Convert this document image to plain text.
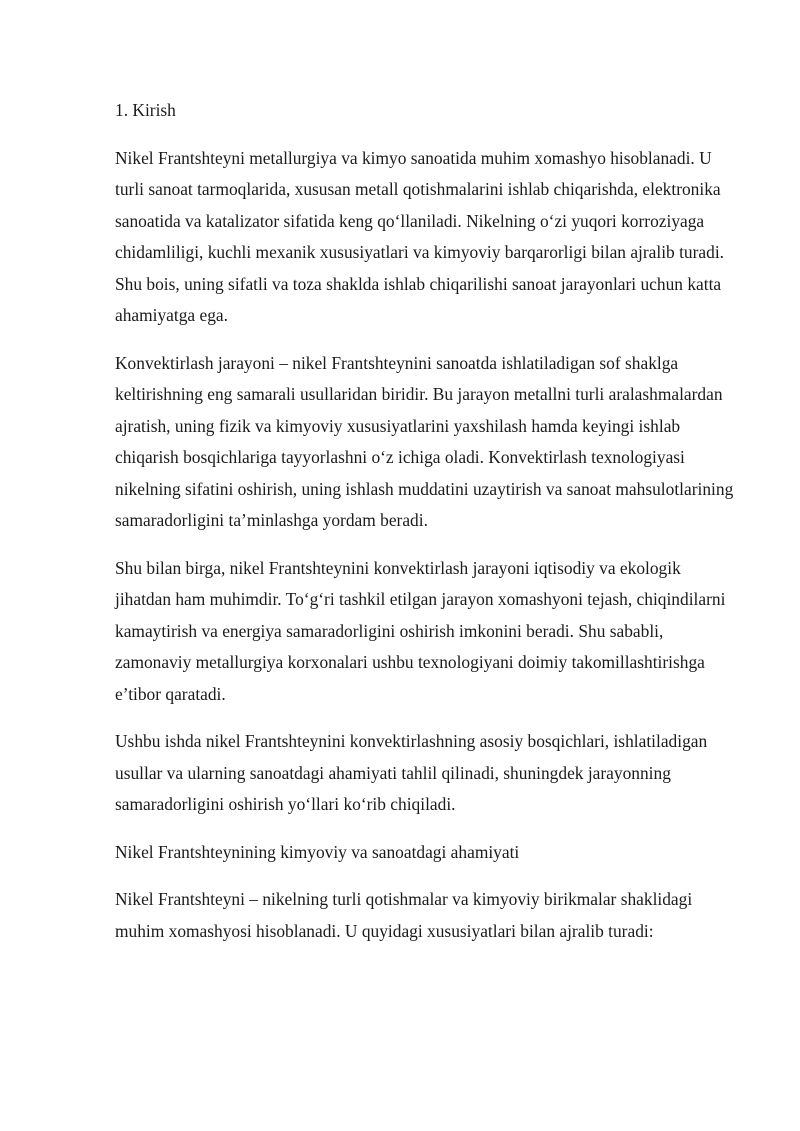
1. Kirish

Nikel Frantshteyni metallurgiya va kimyo sanoatida muhim xomashyo hisoblanadi. U turli sanoat tarmoqlarida, xususan metall qotishmalarini ishlab chiqarishda, elektronika sanoatida va katalizator sifatida keng qo‘llaniladi. Nikelning o‘zi yuqori korroziyaga chidamliligi, kuchli mexanik xususiyatlari va kimyoviy barqarorligi bilan ajralib turadi. Shu bois, uning sifatli va toza shaklda ishlab chiqarilishi sanoat jarayonlari uchun katta ahamiyatga ega.

Konvektirlash jarayoni – nikel Frantshteynini sanoatda ishlatiladigan sof shaklga keltirishning eng samarali usullaridan biridir. Bu jarayon metallni turli aralashmalardan ajratish, uning fizik va kimyoviy xususiyatlarini yaxshilash hamda keyingi ishlab chiqarish bosqichlariga tayyorlashni o‘z ichiga oladi. Konvektirlash texnologiyasi nikelning sifatini oshirish, uning ishlash muddatini uzaytirish va sanoat mahsulotlarining samaradorligini ta’minlashga yordam beradi.

Shu bilan birga, nikel Frantshteynini konvektirlash jarayoni iqtisodiy va ekologik jihatdan ham muhimdir. To‘g‘ri tashkil etilgan jarayon xomashyoni tejash, chiqindilarni kamaytirish va energiya samaradorligini oshirish imkonini beradi. Shu sababli, zamonaviy metallurgiya korxonalari ushbu texnologiyani doimiy takomillashtirishga e’tibor qaratadi.

Ushbu ishda nikel Frantshteynini konvektirlashning asosiy bosqichlari, ishlatiladigan usullar va ularning sanoatdagi ahamiyati tahlil qilinadi, shuningdek jarayonning samaradorligini oshirish yo‘llari ko‘rib chiqiladi.

Nikel Frantshteynining kimyoviy va sanoatdagi ahamiyati

Nikel Frantshteyni – nikelning turli qotishmalar va kimyoviy birikmalar shaklidagi muhim xomashyosi hisoblanadi. U quyidagi xususiyatlari bilan ajralib turadi:
